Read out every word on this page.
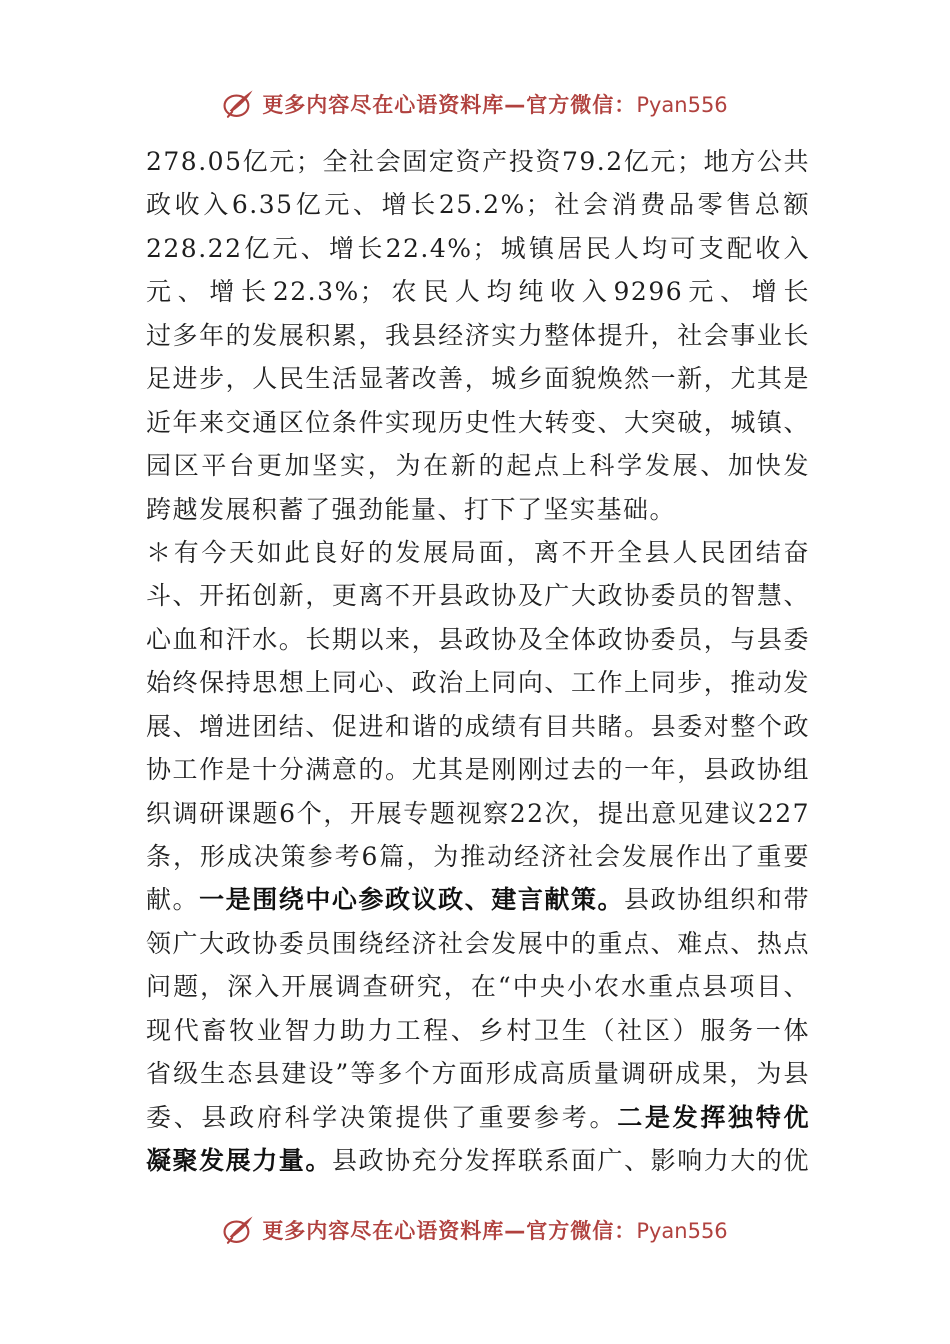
更多内容尽在心语资料库—官方微信：Pyan556
278.05亿元；全社会固定资产投资79.2亿元；地方公共
政收入6.35亿元、增长25.2%；社会消费品零售总额
228.22亿元、增长22.4%；城镇居民人均可支配收入
元、增长22.3%；农民人均纯收入9296元、增长
过多年的发展积累，我县经济实力整体提升，社会事业长
足进步，人民生活显著改善，城乡面貌焕然一新，尤其是
近年来交通区位条件实现历史性大转变、大突破，城镇、
园区平台更加坚实，为在新的起点上科学发展、加快发
跨越发展积蓄了强劲能量、打下了坚实基础。
＊有今天如此良好的发展局面，离不开全县人民团结奋
斗、开拓创新，更离不开县政协及广大政协委员的智慧、
心血和汗水。长期以来，县政协及全体政协委员，与县委
始终保持思想上同心、政治上同向、工作上同步，推动发
展、增进团结、促进和谐的成绩有目共睹。县委对整个政
协工作是十分满意的。尤其是刚刚过去的一年，县政协组
织调研课题6个，开展专题视察22次，提出意见建议227
条，形成决策参考6篇，为推动经济社会发展作出了重要
献。一是围绕中心参政议政、建言献策。县政协组织和带
领广大政协委员围绕经济社会发展中的重点、难点、热点
问题，深入开展调查研究，在“中央小农水重点县项目、
现代畜牧业智力助力工程、乡村卫生（社区）服务一体
省级生态县建设”等多个方面形成高质量调研成果，为县
委、县政府科学决策提供了重要参考。二是发挥独特优
凝聚发展力量。县政协充分发挥联系面广、影响力大的优
更多内容尽在心语资料库—官方微信：Pyan556
